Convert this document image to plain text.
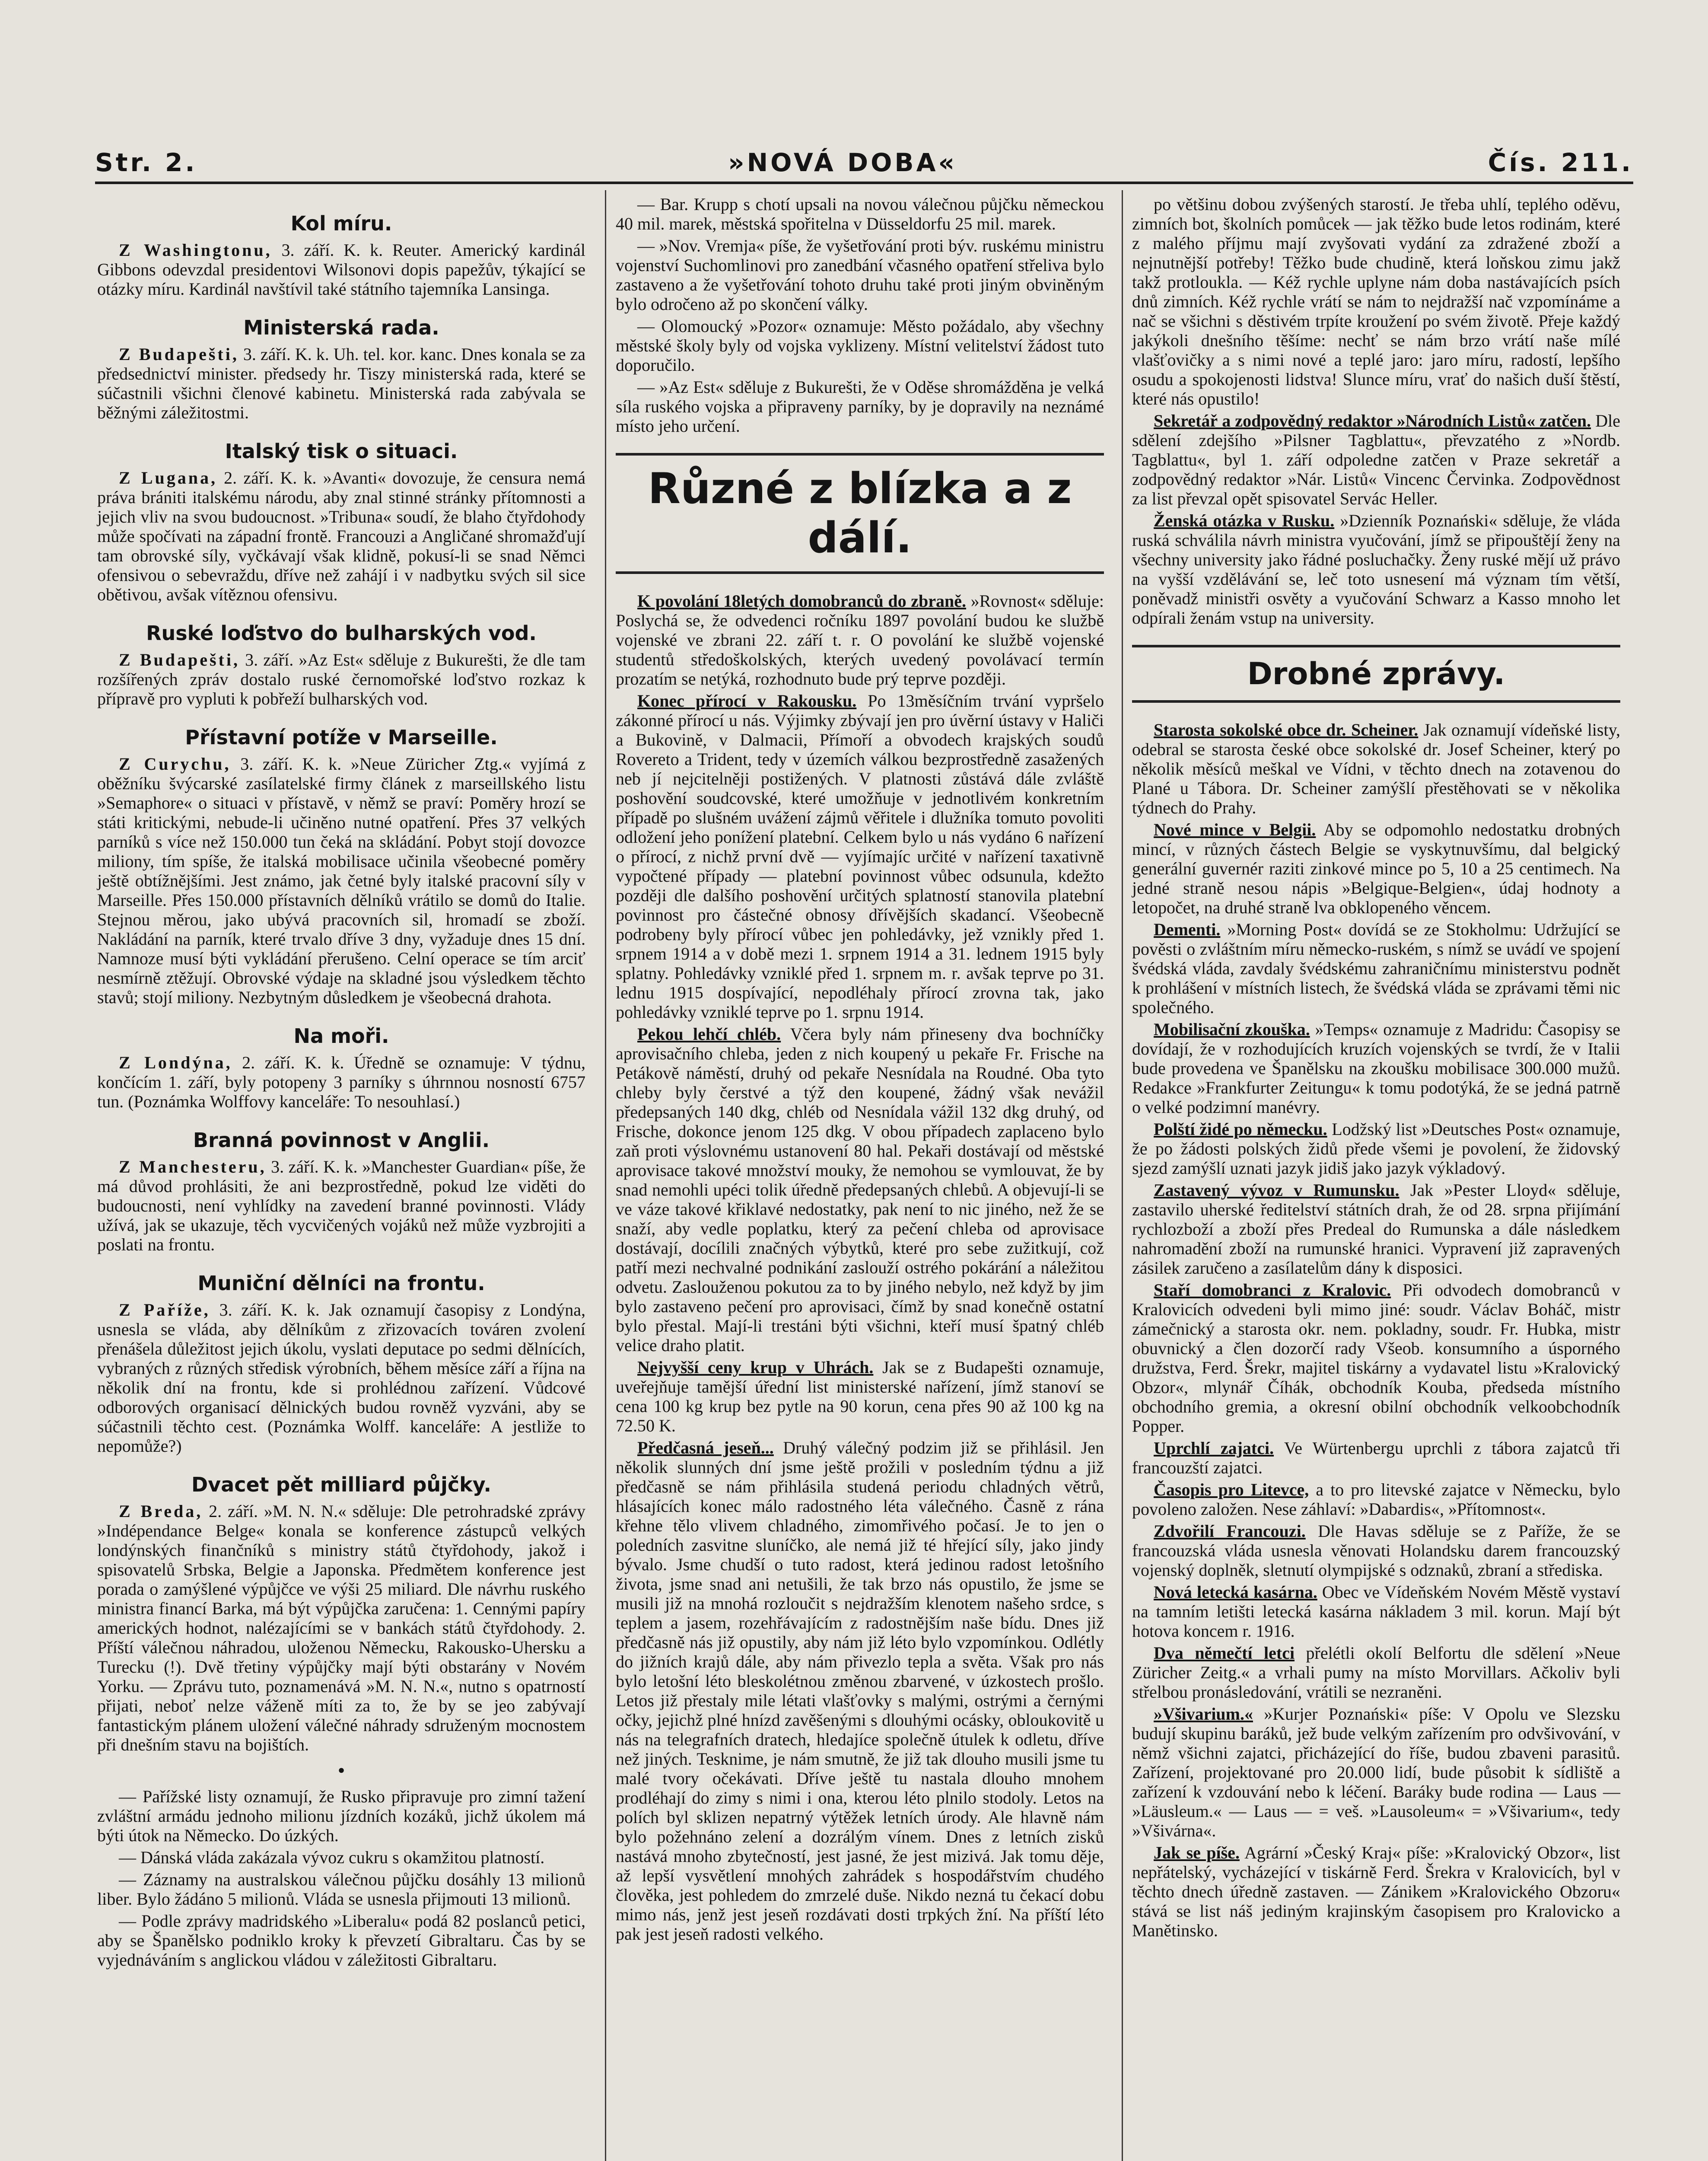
Str. 2.	»NOVÁ DOBA«	Čís. 211.
Kol míru.

Z Washingtonu, 3. září. K. k. Reuter. Americký kardinál Gibbons odevzdal presidentovi Wilsonovi dopis papežův, týkající se otázky míru. Kardinál navštívil také státního tajemníka Lansinga.

Ministerská rada.

Z Budapešti, 3. září. K. k. Uh. tel. kor. kanc. Dnes konala se za předsednictví minister. předsedy hr. Tiszy ministerská rada, které se súčastnili všichni členové kabinetu. Ministerská rada zabývala se běžnými záležitostmi.

Italský tisk o situaci.

Z Lugana, 2. září. K. k. »Avanti« dovozuje, že censura nemá práva brániti italskému národu, aby znal stinné stránky přítomnosti a jejich vliv na svou budoucnost. »Tribuna« soudí, že blaho čtyřdohody může spočívati na západní frontě. Francouzi a Angličané shromažďují tam obrovské síly, vyčkávají však klidně, pokusí-li se snad Němci ofensivou o sebevraždu, dříve než zahájí i v nadbytku svých sil sice obětivou, avšak vítěznou ofensivu.

Ruské loďstvo do bulharských vod.

Z Budapešti, 3. září. »Az Est« sděluje z Bukurešti, že dle tam rozšířených zpráv dostalo ruské černomořské loďstvo rozkaz k přípravě pro vypluti k pobřeží bulharských vod.

Přístavní potíže v Marseille.

Z Curychu, 3. září. K. k. »Neue Züricher Ztg.« vyjímá z oběžníku švýcarské zasílatelské firmy článek z marseillského listu »Semaphore« o situaci v přístavě, v němž se praví: Poměry hrozí se státi kritickými, nebude-li učiněno nutné opatření. Přes 37 velkých parníků s více než 150.000 tun čeká na skládání. Pobyt stojí dovozce miliony, tím spíše, že italská mobilisace učinila všeobecné poměry ještě obtížnějšími. Jest známo, jak četné byly italské pracovní síly v Marseille. Přes 150.000 přístavních dělníků vrátilo se domů do Italie. Stejnou měrou, jako ubývá pracovních sil, hromadí se zboží. Nakládání na parník, které trvalo dříve 3 dny, vyžaduje dnes 15 dní. Namnoze musí býti vykládání přerušeno. Celní operace se tím arciť nesmírně ztěžují. Obrovské výdaje na skladné jsou výsledkem těchto stavů; stojí miliony. Nezbytným důsledkem je všeobecná drahota.

Na moři.

Z Londýna, 2. září. K. k. Úředně se oznamuje: V týdnu, končícím 1. září, byly potopeny 3 parníky s úhrnnou nosností 6757 tun. (Poznámka Wolffovy kanceláře: To nesouhlasí.)

Branná povinnost v Anglii.

Z Manchesteru, 3. září. K. k. »Manchester Guardian« píše, že má důvod prohlásiti, že ani bezprostředně, pokud lze viděti do budoucnosti, není vyhlídky na zavedení branné povinnosti. Vlády užívá, jak se ukazuje, těch vycvičených vojáků než může vyzbrojiti a poslati na frontu.

Muniční dělníci na frontu.

Z Paříže, 3. září. K. k. Jak oznamují časopisy z Londýna, usnesla se vláda, aby dělníkům z zřizovacích továren zvolení přenášela důležitost jejich úkolu, vyslati deputace po sedmi dělnících, vybraných z různých středisk výrobních, během měsíce září a října na několik dní na frontu, kde si prohlédnou zařízení. Vůdcové odborových organisací dělnických budou rovněž vyzváni, aby se súčastnili těchto cest. (Poznámka Wolff. kanceláře: A jestliže to nepomůže?)

Dvacet pět milliard půjčky.

Z Breda, 2. září. »M. N. N.« sděluje: Dle petrohradské zprávy »Indépendance Belge« konala se konference zástupců velkých londýnských finančníků s ministry států čtyřdohody, jakož i spisovatelů Srbska, Belgie a Japonska. Předmětem konference jest porada o zamýšlené výpůjčce ve výši 25 miliard. Dle návrhu ruského ministra financí Barka, má být výpůjčka zaručena: 1. Cennými papíry amerických hodnot, nalézajícími se v bankách států čtyřdohody. 2. Příští válečnou náhradou, uloženou Německu, Rakousko-Uhersku a Turecku (!). Dvě třetiny výpůjčky mají býti obstarány v Novém Yorku. — Zprávu tuto, poznamenává »M. N. N.«, nutno s opatrností přijati, neboť nelze váženě míti za to, že by se jeo zabývají fantastickým plánem uložení válečné náhrady sdruženým mocnostem při dnešním stavu na bojištích.

•

— Pařížské listy oznamují, že Rusko připravuje pro zimní tažení zvláštní armádu jednoho milionu jízdních kozáků, jichž úkolem má býti útok na Německo. Do úzkých.

— Dánská vláda zakázala vývoz cukru s okamžitou platností.

— Záznamy na australskou válečnou půjčku dosáhly 13 milionů liber. Bylo žádáno 5 milionů. Vláda se usnesla přijmouti 13 milionů.

— Podle zprávy madridského »Liberalu« podá 82 poslanců petici, aby se Španělsko podniklo kroky k převzetí Gibraltaru. Čas by se vyjednáváním s anglickou vládou v záležitosti Gibraltaru.

— Bar. Krupp s chotí upsali na novou válečnou půjčku německou 40 mil. marek, městská spořitelna v Düsseldorfu 25 mil. marek.

— »Nov. Vremja« píše, že vyšetřování proti býv. ruskému ministru vojenství Suchomlinovi pro zanedbání včasného opatření střeliva bylo zastaveno a že vyšetřování tohoto druhu také proti jiným obviněným bylo odročeno až po skončení války.

— Olomoucký »Pozor« oznamuje: Město požádalo, aby všechny městské školy byly od vojska vyklizeny. Místní velitelství žádost tuto doporučilo.

— »Az Est« sděluje z Bukurešti, že v Oděse shromážděna je velká síla ruského vojska a připraveny parníky, by je dopravily na neznámé místo jeho určení.

Různé z blízka a z dálí.

K povolání 18letých domobranců do zbraně. »Rovnost« sděluje: Poslychá se, že odvedenci ročníku 1897 povolání budou ke službě vojenské ve zbrani 22. září t. r. O povolání ke službě vojenské studentů středoškolských, kterých uvedený povolávací termín prozatím se netýká, rozhodnuto bude prý teprve později.

Konec přírocí v Rakousku. Po 13měsíčním trvání vypršelo zákonné přírocí u nás. Výjimky zbývají jen pro úvěrní ústavy v Haliči a Bukovině, v Dalmacii, Přímoří a obvodech krajských soudů Rovereto a Trident, tedy v územích válkou bezprostředně zasažených neb jí nejcitelněji postižených. V platnosti zůstává dále zvláště poshovění soudcovské, které umožňuje v jednotlivém konkretním případě po slušném uvážení zájmů věřitele i dlužníka tomuto povoliti odložení jeho ponížení platební. Celkem bylo u nás vydáno 6 nařízení o přírocí, z nichž první dvě — vyjímajíc určité v nařízení taxativně vypočtené případy — platební povinnost vůbec odsunula, kdežto později dle dalšího poshovění určitých splatností stanovila platební povinnost pro částečné obnosy dřívějších skadancí. Všeobecně podrobeny byly přírocí vůbec jen pohledávky, jež vznikly před 1. srpnem 1914 a v době mezi 1. srpnem 1914 a 31. lednem 1915 byly splatny. Pohledávky vzniklé před 1. srpnem m. r. avšak teprve po 31. lednu 1915 dospívající, nepodléhaly přírocí zrovna tak, jako pohledávky vzniklé teprve po 1. srpnu 1914.

Pekou lehčí chléb. Včera byly nám přineseny dva bochníčky aprovisačního chleba, jeden z nich koupený u pekaře Fr. Frische na Petákově náměstí, druhý od pekaře Nesnídala na Roudné. Oba tyto chleby byly čerstvé a týž den koupené, žádný však nevážil předepsaných 140 dkg, chléb od Nesnídala vážil 132 dkg druhý, od Frische, dokonce jenom 125 dkg. V obou případech zaplaceno bylo zaň proti výslovnému ustanovení 80 hal. Pekaři dostávají od městské aprovisace takové množství mouky, že nemohou se vymlouvat, že by snad nemohli upéci tolik úředně předepsaných chlebů. A objevují-li se ve váze takové křiklavé nedostatky, pak není to nic jiného, než že se snaží, aby vedle poplatku, který za pečení chleba od aprovisace dostávají, docílili značných výbytků, které pro sebe zužitkují, což patří mezi nechvalné podnikání zaslouží ostrého pokárání a náležitou odvetu. Zaslouženou pokutou za to by jiného nebylo, než když by jim bylo zastaveno pečení pro aprovisaci, čímž by snad konečně ostatní bylo přestal. Mají-li trestáni býti všichni, kteří musí špatný chléb velice draho platit.

Nejvyšší ceny krup v Uhrách. Jak se z Budapešti oznamuje, uveřejňuje tamější úřední list ministerské nařízení, jímž stanoví se cena 100 kg krup bez pytle na 90 korun, cena přes 90 až 100 kg na 72.50 K.

Předčasná jeseň... Druhý válečný podzim již se přihlásil. Jen několik slunných dní jsme ještě prožili v posledním týdnu a již předčasně se nám přihlásila studená periodu chladných větrů, hlásajících konec málo radostného léta válečného. Časně z rána křehne tělo vlivem chladného, zimomřivého počasí. Je to jen o poledních zasvitne sluníčko, ale nemá již té hřející síly, jako jindy bývalo. Jsme chudší o tuto radost, která jedinou radost letošního života, jsme snad ani netušili, že tak brzo nás opustilo, že jsme se musili již na mnohá rozloučit s nejdražším klenotem našeho srdce, s teplem a jasem, rozehřávajícím z radostnějším naše bídu. Dnes již předčasně nás již opustily, aby nám již léto bylo vzpomínkou. Odlétly do jižních krajů dále, aby nám přivezlo tepla a světa. Však pro nás bylo letošní léto bleskolétnou změnou zbarvené, v úzkostech prošlo. Letos již přestaly mile létati vlašťovky s malými, ostrými a černými očky, jejichž plné hnízd zavěšenými s dlouhými ocásky, obloukovitě u nás na telegrafních dratech, hledajíce společně útulek k odletu, dříve než jiných. Tesknime, je nám smutně, že již tak dlouho musili jsme tu malé tvory očekávati. Dříve ještě tu nastala dlouho mnohem prodléhají do zimy s nimi i ona, kterou léto plnilo stodoly. Letos na polích byl sklizen nepatrný výtěžek letních úrody. Ale hlavně nám bylo požehnáno zelení a dozrálým vínem. Dnes z letních zisků nastává mnoho zbytečností, jest jasné, že jest mizivá. Jak tomu děje, až lepší vysvětlení mnohých zahrádek s hospodářstvím chudého člověka, jest pohledem do zmrzelé duše. Nikdo nezná tu čekací dobu mimo nás, jenž jest jeseň rozdávati dosti trpkých žní. Na příští léto pak jest jeseň radosti velkého.

po většinu dobou zvýšených starostí. Je třeba uhlí, teplého oděvu, zimních bot, školních pomůcek — jak těžko bude letos rodinám, které z malého příjmu mají zvyšovati vydání za zdražené zboží a nejnutnější potřeby! Těžko bude chudině, která loňskou zimu jakž takž protloukla. — Kéž rychle uplyne nám doba nastávajících psích dnů zimních. Kéž rychle vrátí se nám to nejdražší nač vzpomínáme a nač se všichni s děstivém trpíte kroužení po svém životě. Přeje každý jakýkoli dnešního těšíme: nechť se nám brzo vrátí naše mílé vlašťovičky a s nimi nové a teplé jaro: jaro míru, radostí, lepšího osudu a spokojenosti lidstva! Slunce míru, vrať do našich duší štěstí, které nás opustilo!

Sekretář a zodpovědný redaktor »Národních Listů« zatčen. Dle sdělení zdejšího »Pilsner Tagblattu«, převzatého z »Nordb. Tagblattu«, byl 1. září odpoledne zatčen v Praze sekretář a zodpovědný redaktor »Nár. Listů« Vincenc Červinka. Zodpovědnost za list převzal opět spisovatel Servác Heller.

Ženská otázka v Rusku. »Dzienník Poznański« sděluje, že vláda ruská schválila návrh ministra vyučování, jímž se připouštějí ženy na všechny university jako řádné posluchačky. Ženy ruské mějí už právo na vyšší vzdělávání se, leč toto usnesení má význam tím větší, poněvadž ministři osvěty a vyučování Schwarz a Kasso mnoho let odpírali ženám vstup na university.

Drobné zprávy.

Starosta sokolské obce dr. Scheiner. Jak oznamují vídeňské listy, odebral se starosta české obce sokolské dr. Josef Scheiner, který po několik měsíců meškal ve Vídni, v těchto dnech na zotavenou do Plané u Tábora. Dr. Scheiner zamýšlí přestěhovati se v několika týdnech do Prahy.

Nové mince v Belgii. Aby se odpomohlo nedostatku drobných mincí, v různých částech Belgie se vyskytnuvšímu, dal belgický generální guvernér raziti zinkové mince po 5, 10 a 25 centimech. Na jedné straně nesou nápis »Belgique-Belgien«, údaj hodnoty a letopočet, na druhé straně lva obklopeného věncem.

Dementi. »Morning Post« dovídá se ze Stokholmu: Udržující se pověsti o zvláštním míru německo-ruském, s nímž se uvádí ve spojení švédská vláda, zavdaly švédskému zahraničnímu ministerstvu podnět k prohlášení v místních listech, že švédská vláda se zprávami těmi nic společného.

Mobilisační zkouška. »Temps« oznamuje z Madridu: Časopisy se dovídají, že v rozhodujících kruzích vojenských se tvrdí, že v Italii bude provedena ve Španělsku na zkoušku mobilisace 300.000 mužů. Redakce »Frankfurter Zeitungu« k tomu podotýká, že se jedná patrně o velké podzimní manévry.

Polští židé po německu. Lodžský list »Deutsches Post« oznamuje, že po žádosti polských židů přede všemi je povolení, že židovský sjezd zamýšlí uznati jazyk jidiš jako jazyk výkladový.

Zastavený vývoz v Rumunsku. Jak »Pester Lloyd« sděluje, zastavilo uherské ředitelství státních drah, že od 28. srpna přijímání rychlozboží a zboží přes Predeal do Rumunska a dále následkem nahromadění zboží na rumunské hranici. Vypravení již zapravených zásilek zaručeno a zasílatelům dány k disposici.

Staří domobranci z Kralovic. Při odvodech domobranců v Kralovicích odvedeni byli mimo jiné: soudr. Václav Boháč, mistr zámečnický a starosta okr. nem. pokladny, soudr. Fr. Hubka, mistr obuvnický a člen dozorčí rady Všeob. konsumního a úsporného družstva, Ferd. Šrekr, majitel tiskárny a vydavatel listu »Kralovický Obzor«, mlynář Číhák, obchodník Kouba, předseda místního obchodního gremia, a okresní obilní obchodník velkoobchodník Popper.

Uprchlí zajatci. Ve Würtenbergu uprchli z tábora zajatců tři francouzští zajatci.

Časopis pro Litevce, a to pro litevské zajatce v Německu, bylo povoleno založen. Nese záhlaví: »Dabardis«, »Přítomnost«.

Zdvořilí Francouzi. Dle Havas sděluje se z Paříže, že se francouzská vláda usnesla věnovati Holandsku darem francouzský vojenský doplněk, sletnutí olympijské s odznaků, zbraní a střediska.

Nová letecká kasárna. Obec ve Vídeňském Novém Městě vystaví na tamním letišti letecká kasárna nákladem 3 mil. korun. Mají být hotova koncem r. 1916.

Dva němečtí letci přelétli okolí Belfortu dle sdělení »Neue Züricher Zeitg.« a vrhali pumy na místo Morvillars. Ačkoliv byli střelbou pronásledování, vrátili se nezraněni.

»Všivarium.« »Kurjer Poznański« píše: V Opolu ve Slezsku budují skupinu baráků, jež bude velkým zařízením pro odvšivování, v němž všichni zajatci, přicházející do říše, budou zbaveni parasitů. Zařízení, projektované pro 20.000 lidí, bude působit k sídliště a zařízení k vzdouvání nebo k léčení. Baráky bude rodina — Laus — »Läusleum.« — Laus — = veš. »Lausoleum« = »Všivarium«, tedy »Všivárna«.

Jak se píše. Agrární »Český Kraj« píše: »Kralovický Obzor«, list nepřátelský, vycházející v tiskárně Ferd. Šrekra v Kralovicích, byl v těchto dnech úředně zastaven. — Zánikem »Kralovického Obzoru« stává se list náš jediným krajinským časopisem pro Kralovicko a Manětinsko.
